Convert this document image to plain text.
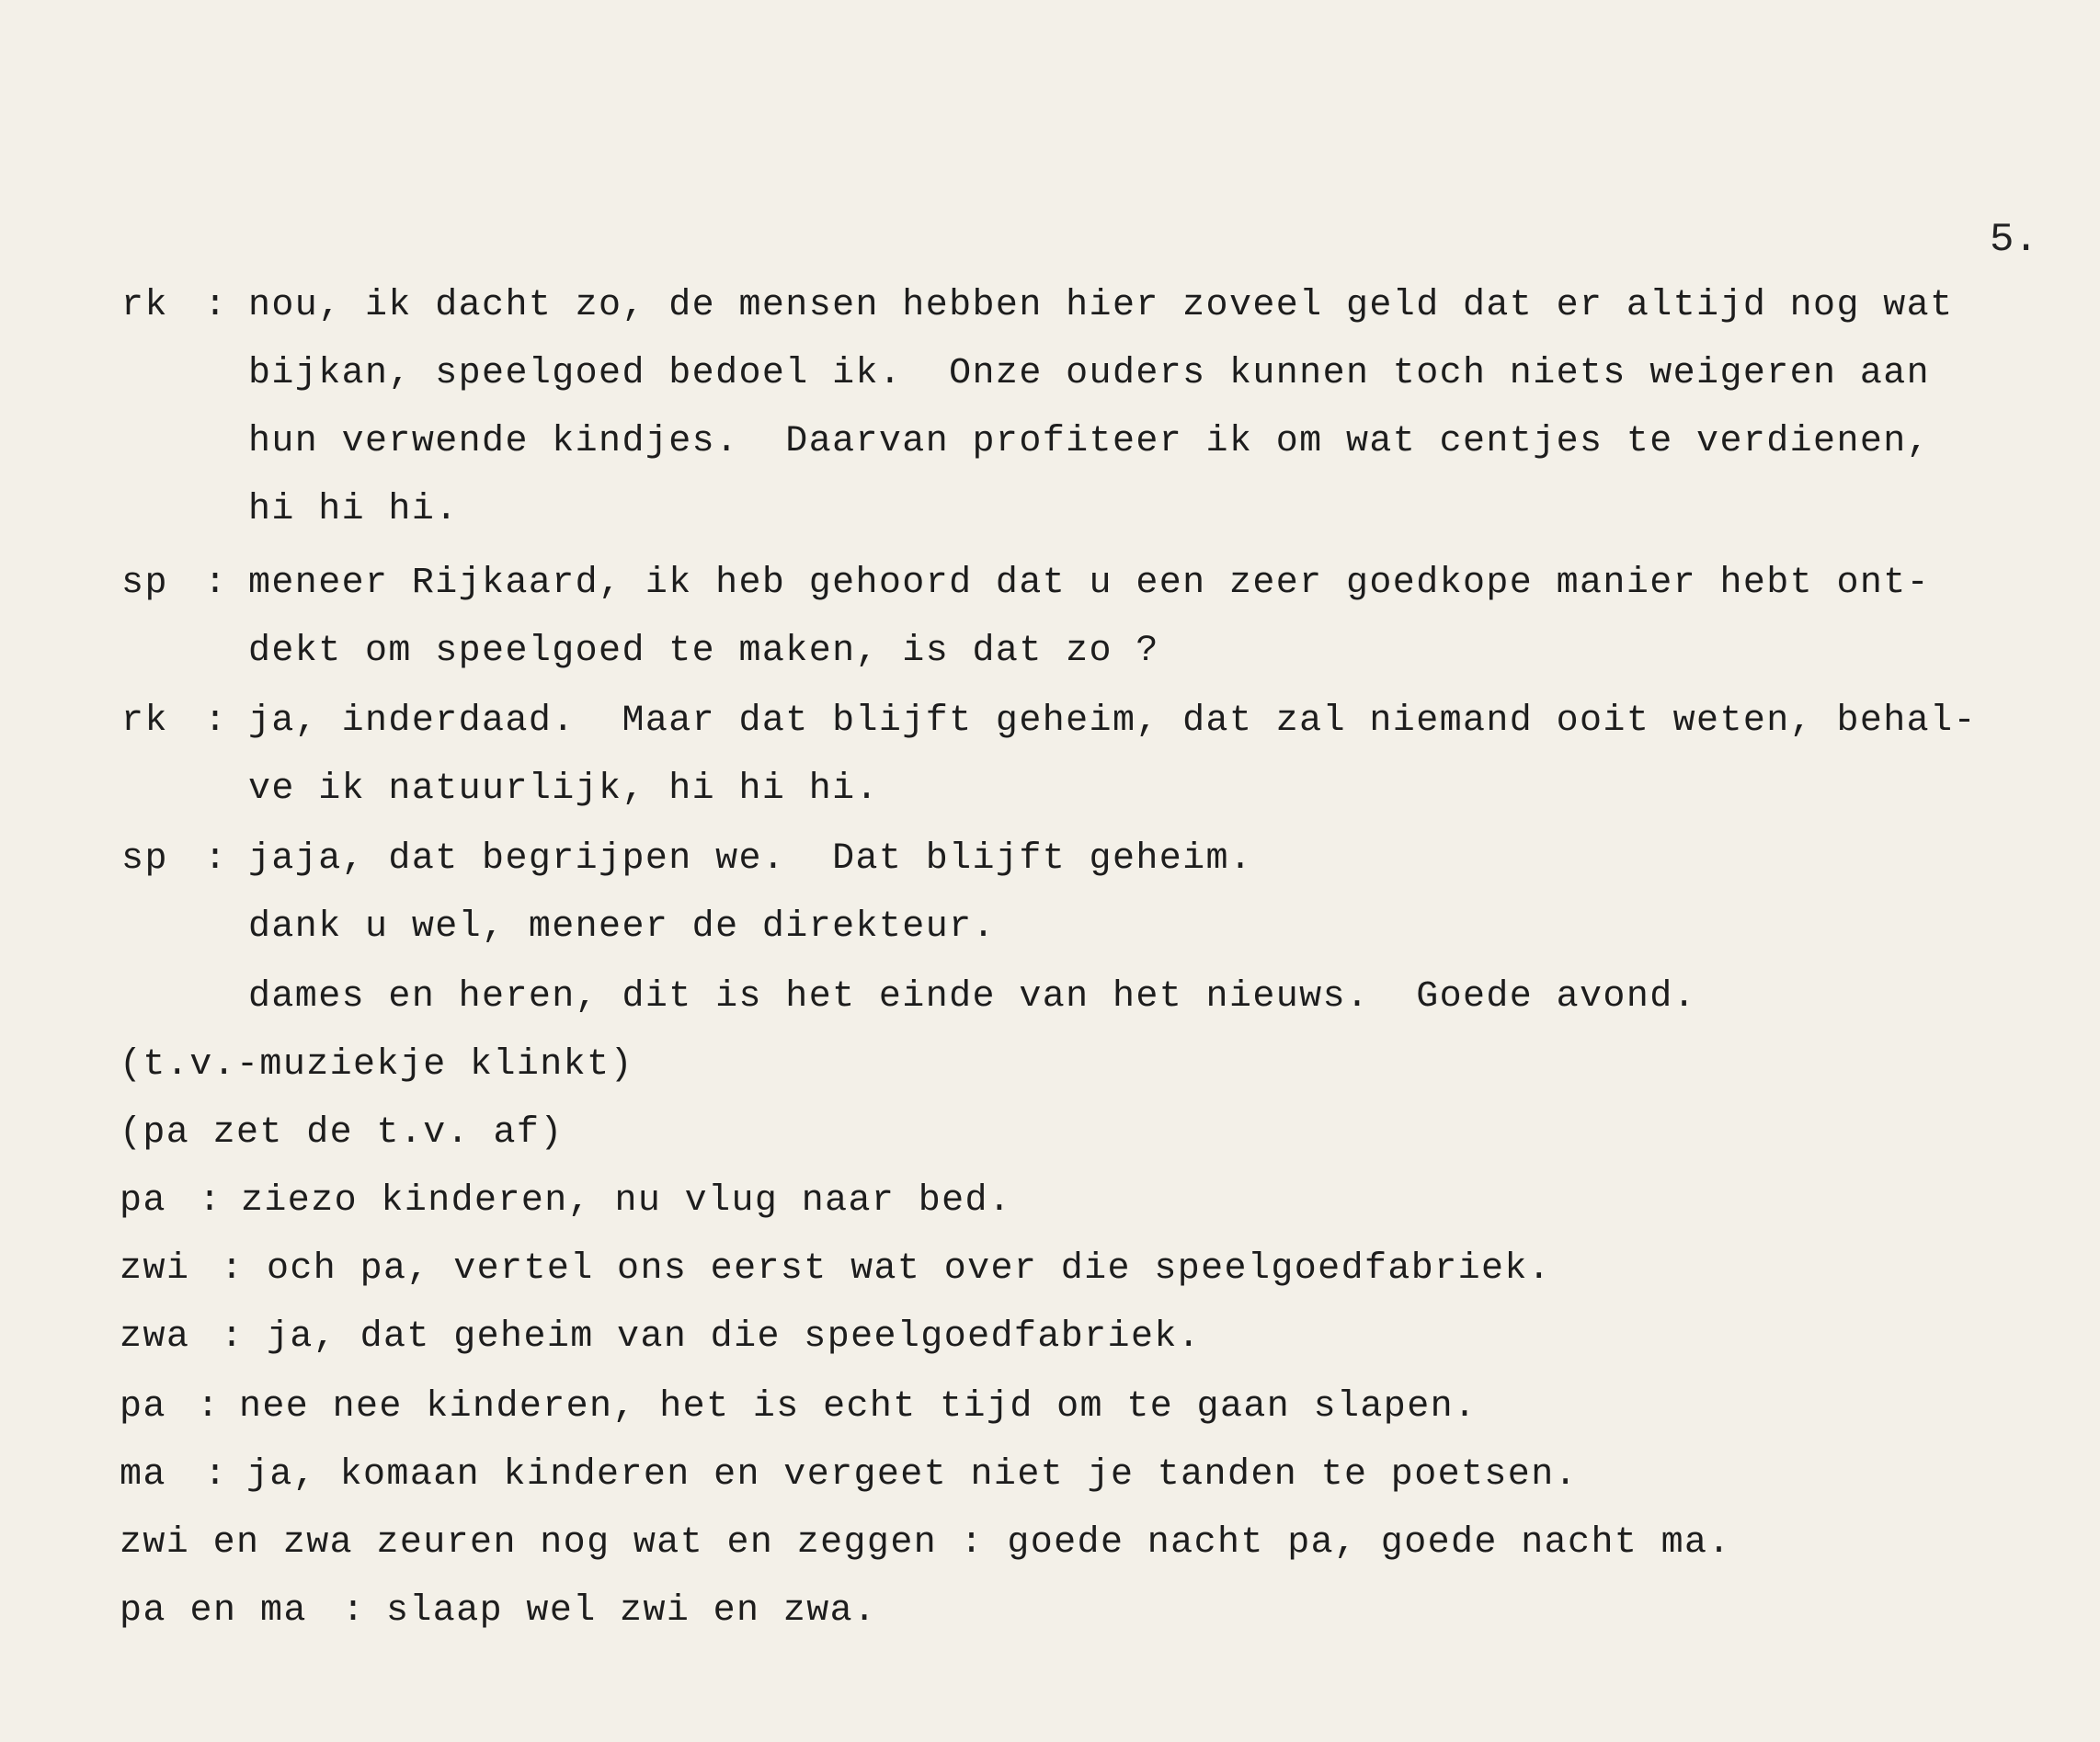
5.
rk : nou, ik dacht zo, de mensen hebben hier zoveel geld dat er altijd nog wat
bijkan, speelgoed bedoel ik.  Onze ouders kunnen toch niets weigeren aan
hun verwende kindjes.  Daarvan profiteer ik om wat centjes te verdienen,
hi hi hi.
sp : meneer Rijkaard, ik heb gehoord dat u een zeer goedkope manier hebt ont-
dekt om speelgoed te maken, is dat zo ?
rk : ja, inderdaad.  Maar dat blijft geheim, dat zal niemand ooit weten, behal-
ve ik natuurlijk, hi hi hi.
sp : jaja, dat begrijpen we.  Dat blijft geheim.
dank u wel, meneer de direkteur.
dames en heren, dit is het einde van het nieuws.  Goede avond.
(t.v.-muziekje klinkt)
(pa zet de t.v. af)
pa : ziezo kinderen, nu vlug naar bed.
zwi : och pa, vertel ons eerst wat over die speelgoedfabriek.
zwa : ja, dat geheim van die speelgoedfabriek.
pa : nee nee kinderen, het is echt tijd om te gaan slapen.
ma : ja, komaan kinderen en vergeet niet je tanden te poetsen.
zwi en zwa zeuren nog wat en zeggen : goede nacht pa, goede nacht ma.
pa en ma : slaap wel zwi en zwa.
